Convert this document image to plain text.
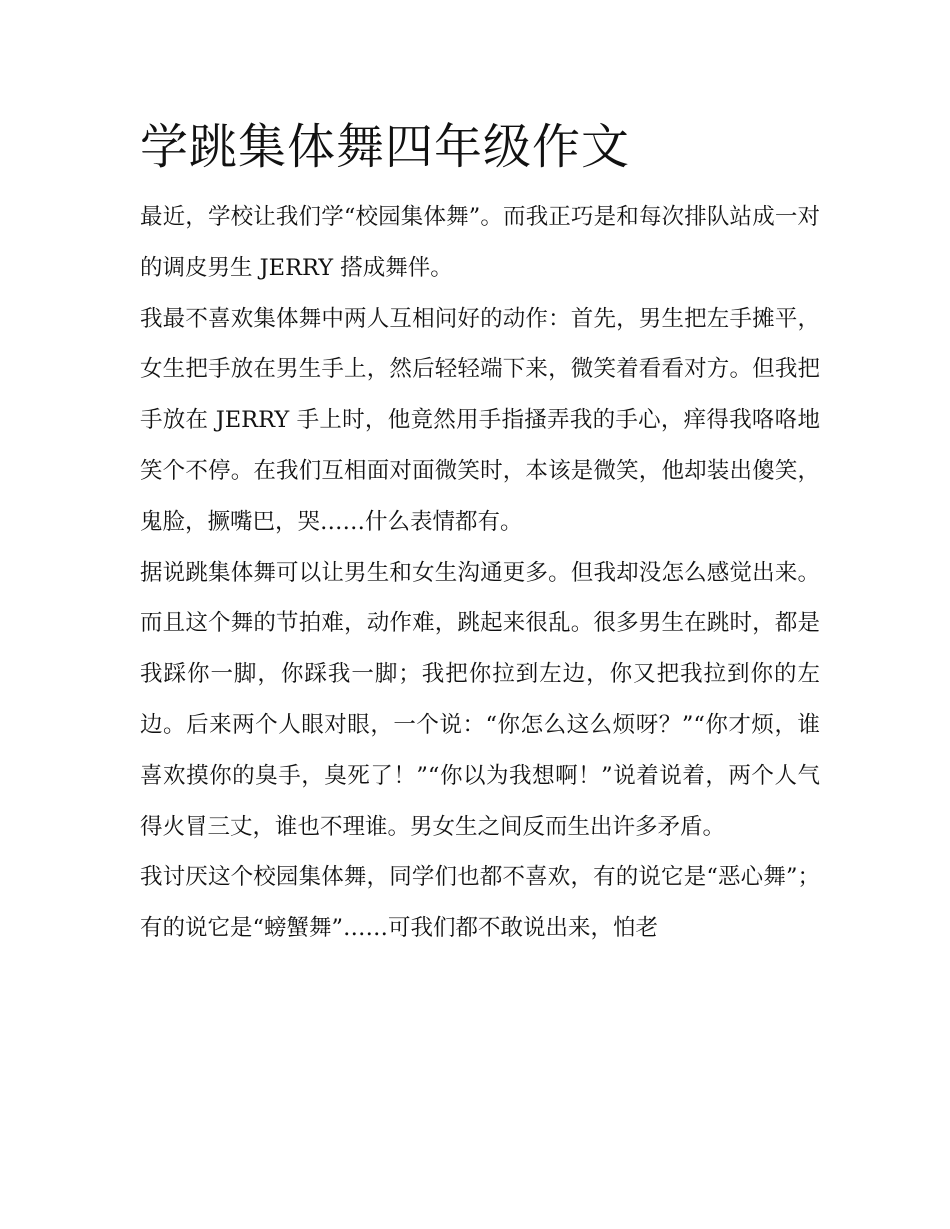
学跳集体舞四年级作文

最近，学校让我们学“校园集体舞”。而我正巧是和每次排队站成一对的调皮男生 JERRY 搭成舞伴。

我最不喜欢集体舞中两人互相问好的动作：首先，男生把左手摊平，女生把手放在男生手上，然后轻轻端下来，微笑着看看对方。但我把手放在 JERRY 手上时，他竟然用手指搔弄我的手心，痒得我咯咯地笑个不停。在我们互相面对面微笑时，本该是微笑，他却装出傻笑，鬼脸，撅嘴巴，哭……什么表情都有。

据说跳集体舞可以让男生和女生沟通更多。但我却没怎么感觉出来。而且这个舞的节拍难，动作难，跳起来很乱。很多男生在跳时，都是我踩你一脚，你踩我一脚；我把你拉到左边，你又把我拉到你的左边。后来两个人眼对眼，一个说：“你怎么这么烦呀？”“你才烦，谁喜欢摸你的臭手，臭死了！”“你以为我想啊！”说着说着，两个人气得火冒三丈，谁也不理谁。男女生之间反而生出许多矛盾。

我讨厌这个校园集体舞，同学们也都不喜欢，有的说它是“恶心舞”；有的说它是“螃蟹舞”……可我们都不敢说出来，怕老
